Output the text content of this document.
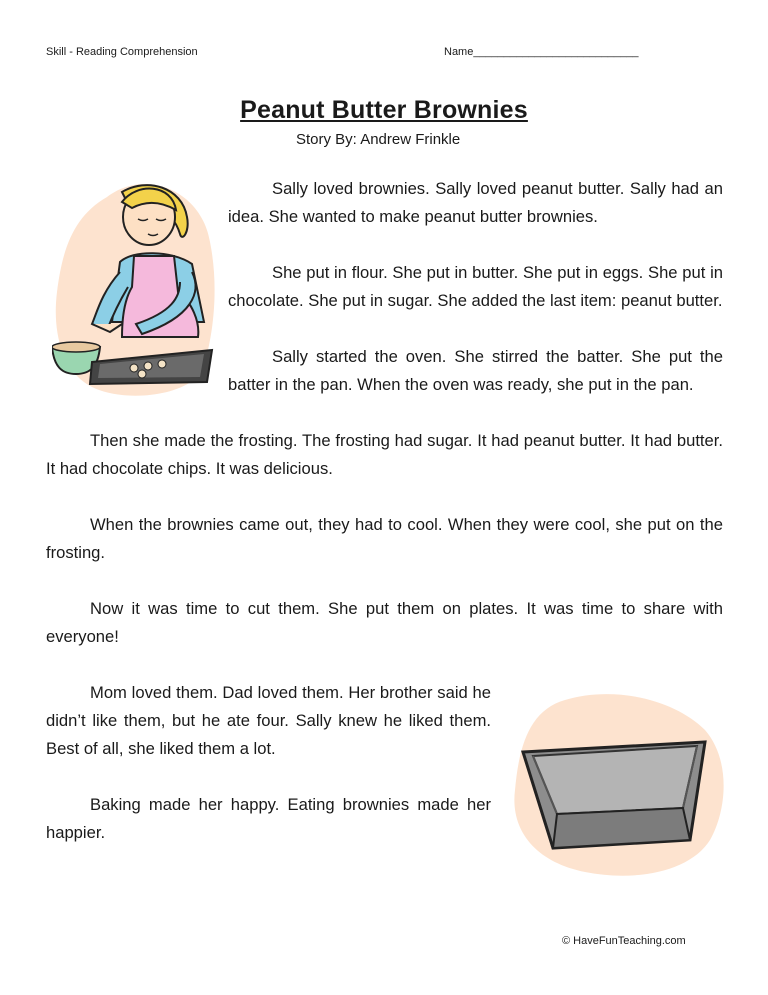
Skill - Reading Comprehension	Name___________________________
Peanut Butter Brownies
Story By: Andrew Frinkle

Sally loved brownies. Sally loved peanut butter. Sally had an idea. She wanted to make peanut butter brownies.

She put in flour. She put in butter. She put in eggs. She put in chocolate. She put in sugar. She added the last item: peanut butter.

Sally started the oven. She stirred the batter. She put the batter in the pan. When the oven was ready, she put in the pan.

Then she made the frosting. The frosting had sugar. It had peanut butter. It had butter. It had chocolate chips. It was delicious.

When the brownies came out, they had to cool. When they were cool, she put on the frosting.

Now it was time to cut them. She put them on plates. It was time to share with everyone!

Mom loved them. Dad loved them. Her brother said he didn’t like them, but he ate four. Sally knew he liked them. Best of all, she liked them a lot.

Baking made her happy. Eating brownies made her happier.

© HaveFunTeaching.com
